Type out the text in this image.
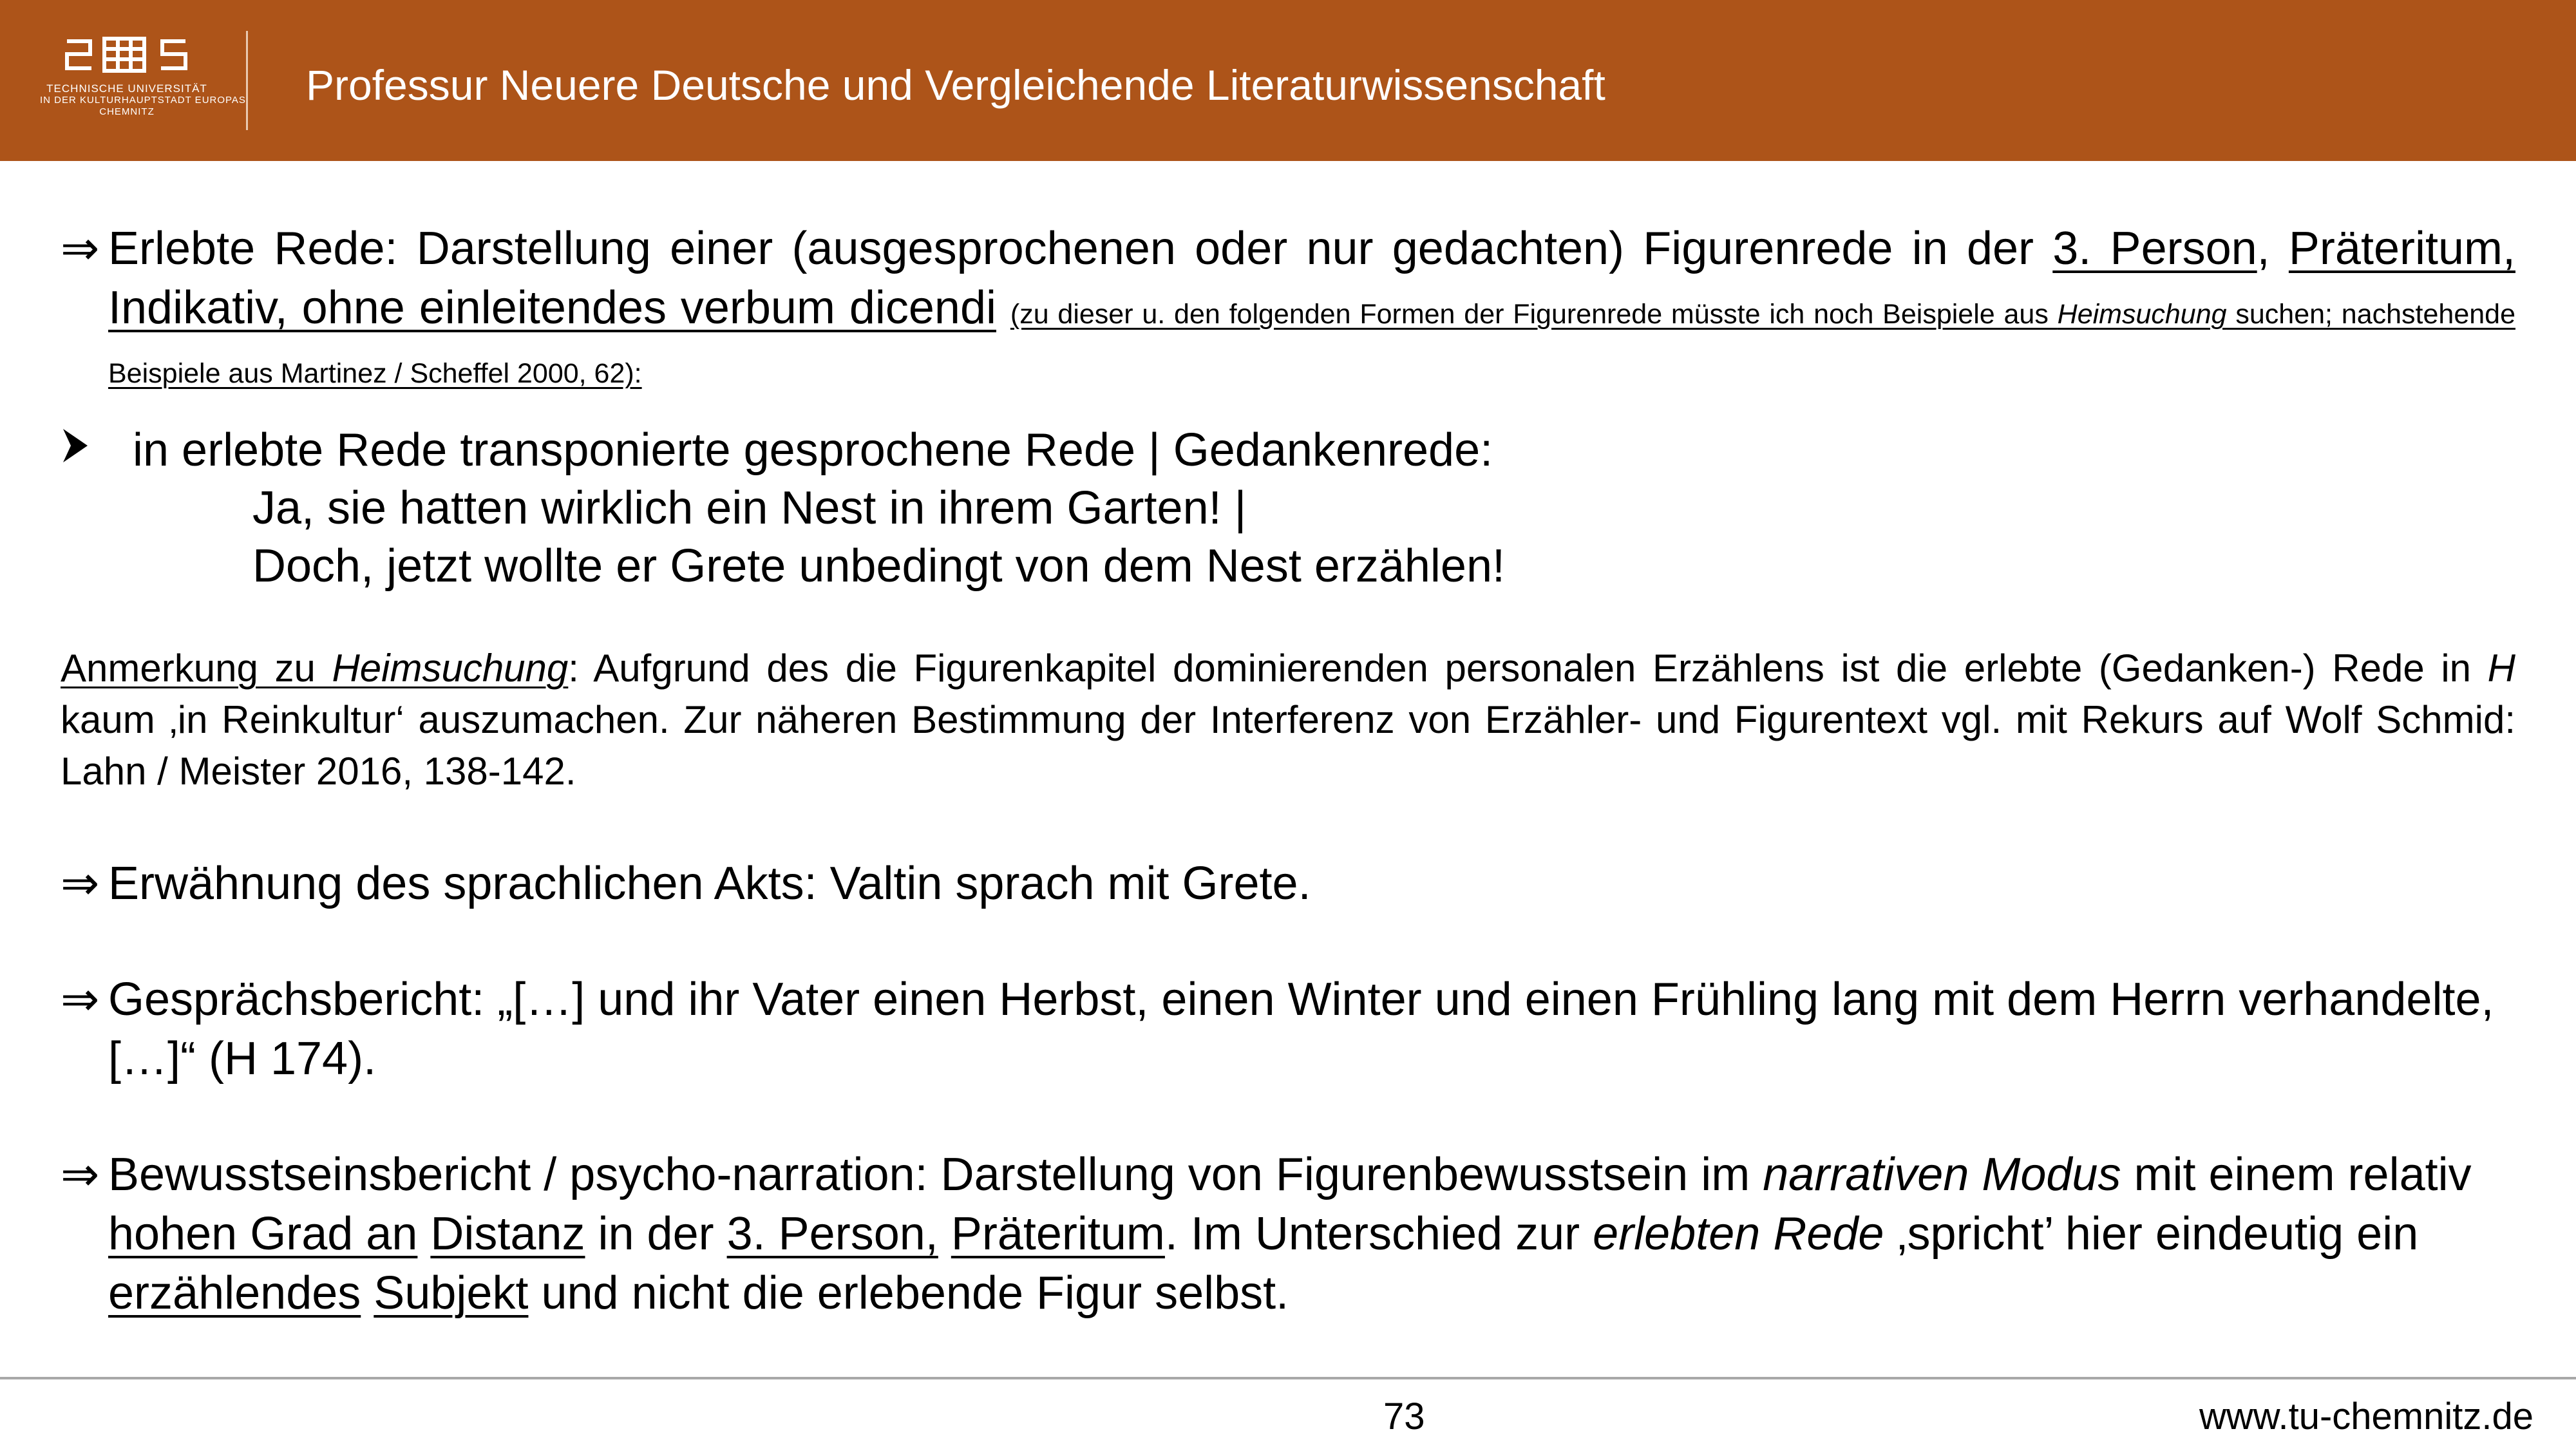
TECHNISCHE UNIVERSITÄT
IN DER KULTURHAUPTSTADT EUROPAS
CHEMNITZ
Professur Neuere Deutsche und Vergleichende Literaturwissenschaft
⇒ Erlebte Rede: Darstellung einer (ausgesprochenen oder nur gedachten) Figurenrede in der 3. Person, Präteritum, Indikativ, ohne einleitendes verbum dicendi (zu dieser u. den folgenden Formen der Figurenrede müsste ich noch Beispiele aus Heimsuchung suchen; nachstehende Beispiele aus Martinez / Scheffel 2000, 62):
in erlebte Rede transponierte gesprochene Rede | Gedankenrede:
Ja, sie hatten wirklich ein Nest in ihrem Garten! |
Doch, jetzt wollte er Grete unbedingt von dem Nest erzählen!
Anmerkung zu Heimsuchung: Aufgrund des die Figurenkapitel dominierenden personalen Erzählens ist die erlebte (Gedanken-) Rede in H kaum ‚in Reinkultur‘ auszumachen. Zur näheren Bestimmung der Interferenz von Erzähler- und Figurentext vgl. mit Rekurs auf Wolf Schmid: Lahn / Meister 2016, 138-142.
⇒ Erwähnung des sprachlichen Akts: Valtin sprach mit Grete.
⇒ Gesprächsbericht: „[…] und ihr Vater einen Herbst, einen Winter und einen Frühling lang mit dem Herrn verhandelte, […]“ (H 174).
⇒ Bewusstseinsbericht / psycho-narration: Darstellung von Figurenbewusstsein im narrativen Modus mit einem relativ hohen Grad an Distanz in der 3. Person, Präteritum. Im Unterschied zur erlebten Rede ‚spricht’ hier eindeutig ein erzählendes Subjekt und nicht die erlebende Figur selbst.
73	www.tu-chemnitz.de
